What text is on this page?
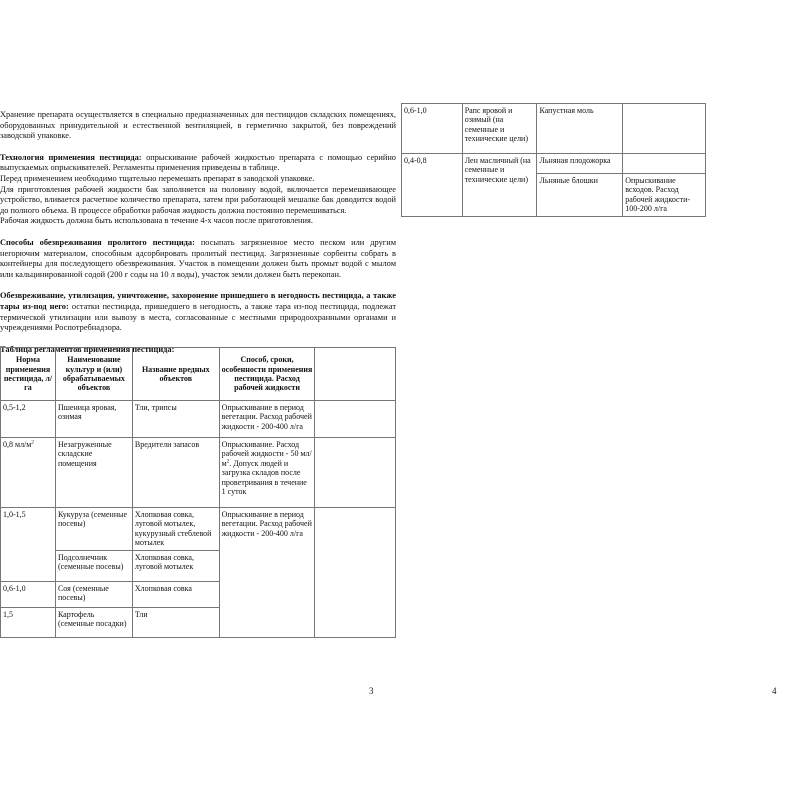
Хранение препарата осуществляется в специально предназначенных для пестицидов складских помещениях, оборудованных принудительной и естественной вентиляцией, в герметично закрытой, без повреждений заводской упаковке.

Технология применения пестицида: опрыскивание рабочей жидкостью препарата с помощью серийно выпускаемых опрыскивателей. Регламенты применения приведены в таблице.

Перед применением необходимо тщательно перемешать препарат в заводской упаковке.

Для приготовления рабочей жидкости бак заполняется на половину водой, включается перемешивающее устройство, вливается расчетное количество препарата, затем при работающей мешалке бак доводится водой до полного объема. В процессе обработки рабочая жидкость должна постоянно перемешиваться.

Рабочая жидкость должна быть использована в течение 4-х часов после приготовления.

Способы обезвреживания пролитого пестицида: посыпать загрязненное место песком или другим негорючим материалом, способным адсорбировать пролитый пестицид. Загрязненные сорбенты собрать в контейнеры для последующего обезвреживания. Участок в помещении должен быть промыт водой с мылом или кальцинированной содой (200 г соды на 10 л воды), участок земли должен быть перекопан.

Обезвреживание, утилизация, уничтожение, захоронение пришедшего в негодность пестицида, а также тары из-под него: остатки пестицида, пришедшего в негодность, а также тара из-под пестицида, подлежат термической утилизации или вывозу в места, согласованные с местными природоохранными органами и учреждениями Роспотребнадзора.

Таблица регламентов применения пестицида:

Норма применения пестицида, л/га	Наименование культур и (или) обрабатываемых объектов	Название вредных объектов	Способ, сроки, особенности применения пестицида. Расход рабочей жидкости	
0,5-1,2	Пшеница яровая, озимая	Тли, трипсы	Опрыскивание в период вегетации. Расход рабочей жидкости - 200-400 л/га	
0,8 $мл/м^2$	Незагруженные складские помещения	Вредители запасов	Опрыскивание. Расход рабочей жидкости - 50 $мл/м^2$. Допуск людей и загрузка складов после проветривания в течение 1 суток	
1,0-1,5	Кукуруза (семенные посевы)	Хлопковая совка, луговой мотылек, кукурузный стеблевой мотылек	Опрыскивание в период вегетации. Расход рабочей жидкости - 200-400 л/га	
	Подсолнечник (семенные посевы)	Хлопковая совка, луговой мотылек		
0,6-1,0	Соя (семенные посевы)	Хлопковая совка		
1,5	Картофель (семенные посадки)	Тли		
3
0,6-1,0	Рапс яровой и озимый (на семенные и технические цели)	Капустная моль	
0,4-0,8	Лен масличный (на семенные и технические цели)	Льняная плодожорка	
		Льняные блошки	Опрыскивание всходов. Расход рабочей жидкости- 100-200 л/га
4
